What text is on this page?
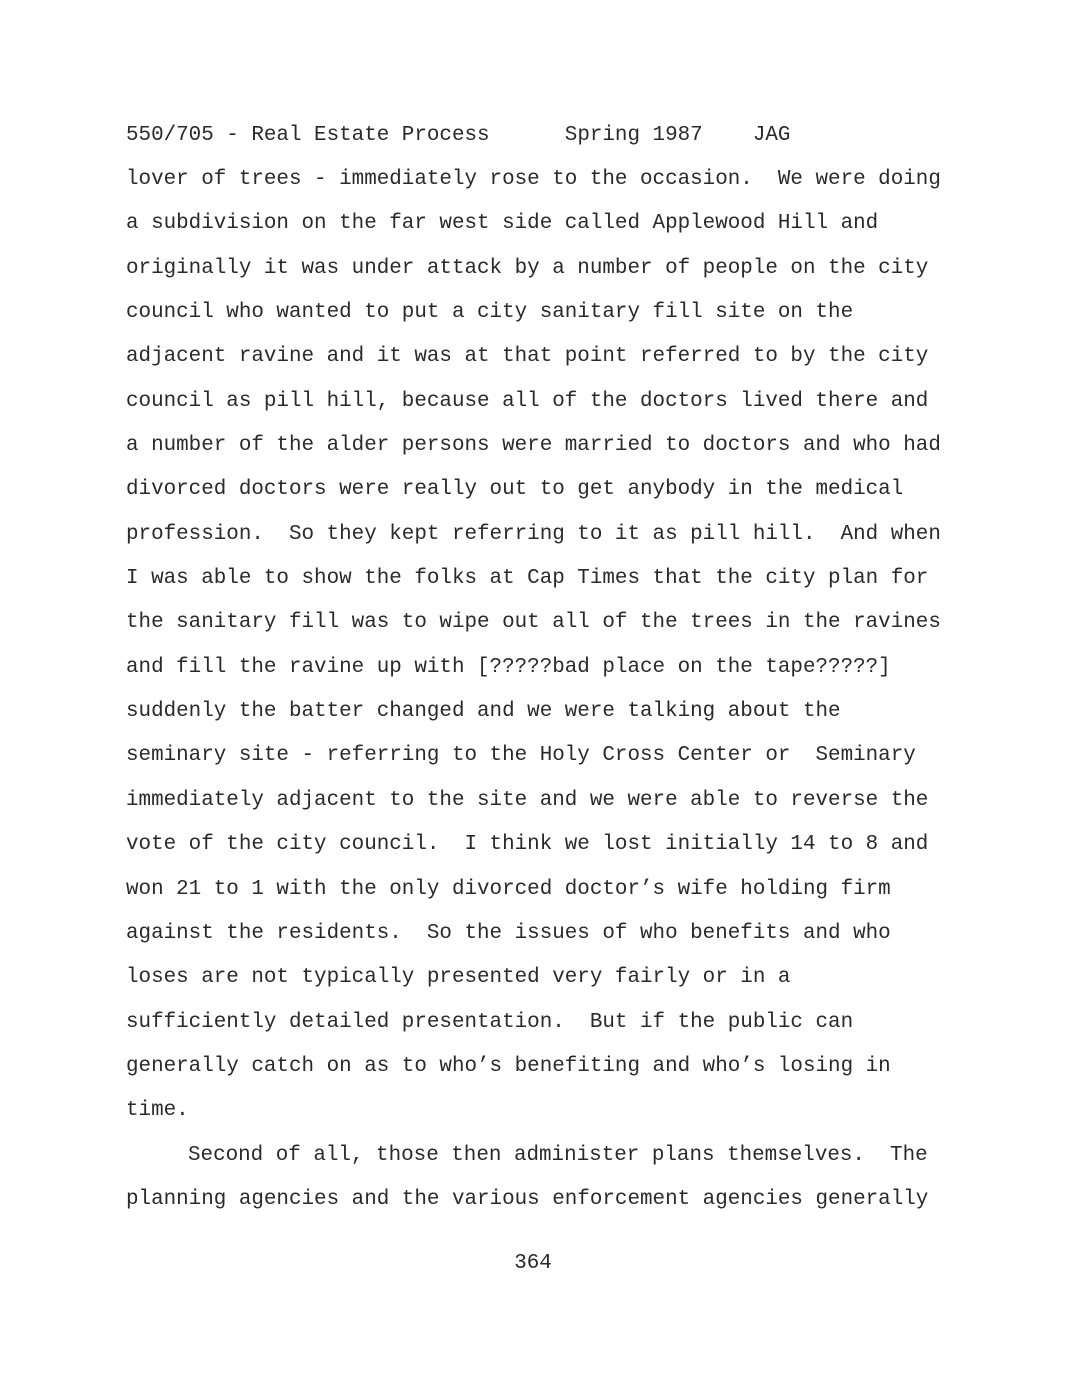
550/705 - Real Estate Process	Spring 1987 JAG
lover of trees - immediately rose to the occasion.  We were doing
a subdivision on the far west side called Applewood Hill and
originally it was under attack by a number of people on the city
council who wanted to put a city sanitary fill site on the
adjacent ravine and it was at that point referred to by the city
council as pill hill, because all of the doctors lived there and
a number of the alder persons were married to doctors and who had
divorced doctors were really out to get anybody in the medical
profession.  So they kept referring to it as pill hill.  And when
I was able to show the folks at Cap Times that the city plan for
the sanitary fill was to wipe out all of the trees in the ravines
and fill the ravine up with [?????bad place on the tape?????]
suddenly the batter changed and we were talking about the
seminary site - referring to the Holy Cross Center or  Seminary
immediately adjacent to the site and we were able to reverse the
vote of the city council.  I think we lost initially 14 to 8 and
won 21 to 1 with the only divorced doctor’s wife holding firm
against the residents.  So the issues of who benefits and who
loses are not typically presented very fairly or in a
sufficiently detailed presentation.  But if the public can
generally catch on as to who’s benefiting and who’s losing in
time.
Second of all, those then administer plans themselves.  The
planning agencies and the various enforcement agencies generally
364
